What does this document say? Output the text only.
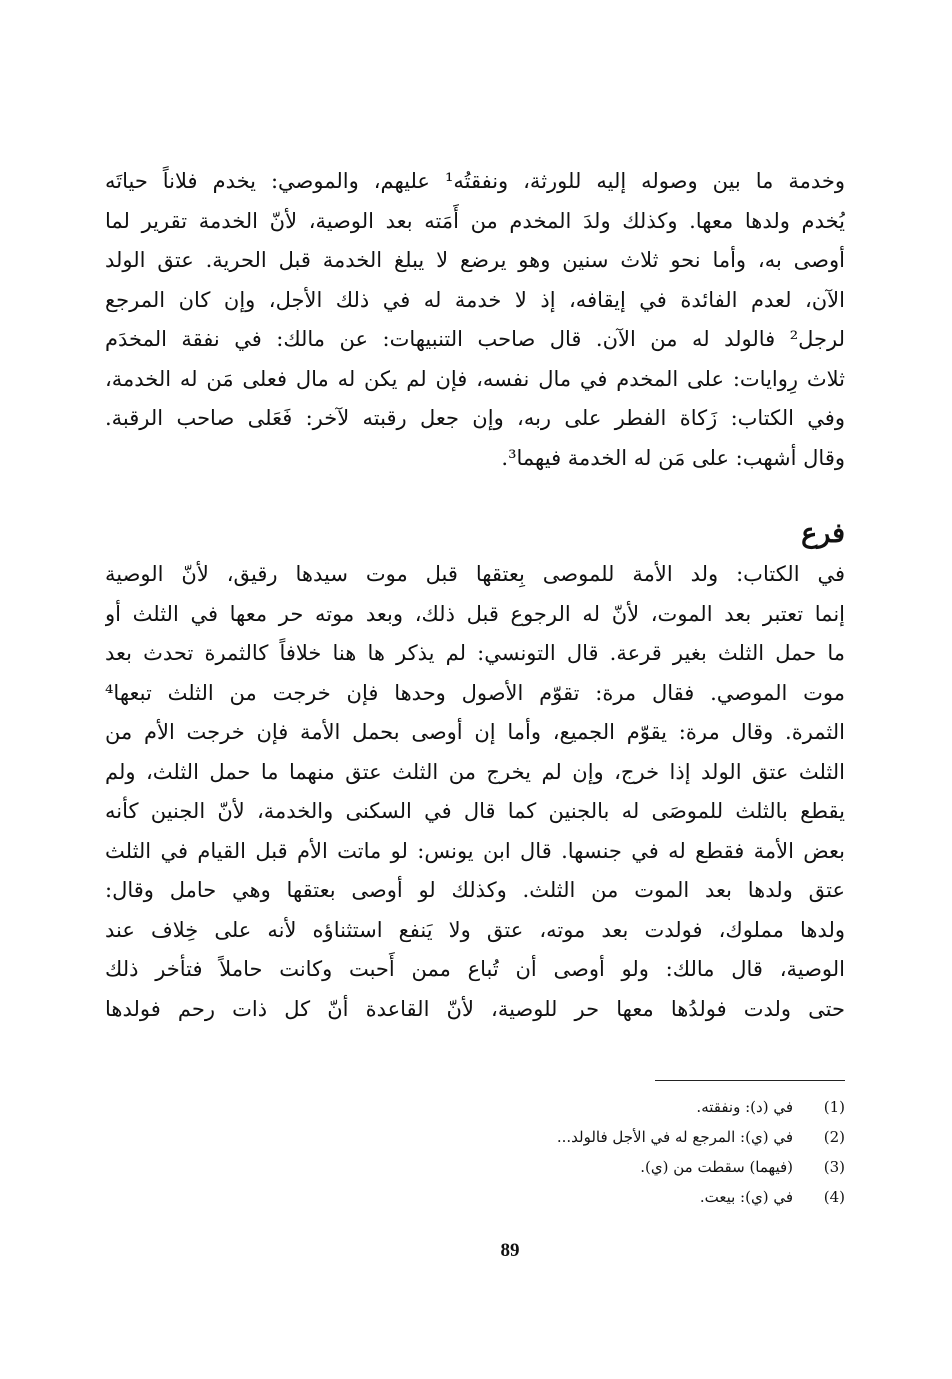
وخدمة ما بين وصوله إليه للورثة، ونفقتُه¹ عليهم، والموصي: يخدم فلاناً حياتَه
يُخدم ولدها معها. وكذلك ولدَ المخدم من أَمَته بعد الوصية، لأنّ الخدمة تقرير لما
أوصى به، وأما نحو ثلاث سنين وهو يرضع لا يبلغ الخدمة قبل الحرية. عتق الولد
الآن، لعدم الفائدة في إيقافه، إذ لا خدمة له في ذلك الأجل، وإن كان المرجع
لرجل² فالولد له من الآن. قال صاحب التنبيهات: عن مالك: في نفقة المخدَم
ثلاث رِوايات: على المخدم في مال نفسه، فإن لم يكن له مال فعلى مَن له الخدمة،
وفي الكتاب: زَكاة الفطر على ربه، وإن جعل رقبته لآخر: فَعَلى صاحب الرقبة.
وقال أشهب: على مَن له الخدمة فيهما³.
فرع
في الكتاب: ولد الأمة للموصى بِعتقها قبل موت سيدها رقيق، لأنّ الوصية
إنما تعتبر بعد الموت، لأنّ له الرجوع قبل ذلك، وبعد موته حر معها في الثلث أو
ما حمل الثلث بغير قرعة. قال التونسي: لم يذكر ها هنا خلافاً كالثمرة تحدث بعد
موت الموصي. فقال مرة: تقوّم الأصول وحدها فإن خرجت من الثلث تبعها⁴
الثمرة. وقال مرة: يقوّم الجميع، وأما إن أوصى بحمل الأمة فإن خرجت الأم من
الثلث عتق الولد إذا خرج، وإن لم يخرج من الثلث عتق منهما ما حمل الثلث، ولم
يقطع بالثلث للموصَى له بالجنين كما قال في السكنى والخدمة، لأنّ الجنين كأنه
بعض الأمة فقطع له في جنسها. قال ابن يونس: لو ماتت الأم قبل القيام في الثلث
عتق ولدها بعد الموت من الثلث. وكذلك لو أوصى بعتقها وهي حامل وقال:
ولدها مملوك، فولدت بعد موته، عتق ولا يَنفع استثناؤه لأنه على خِلاف عند
الوصية، قال مالك: ولو أوصى أن تُباع ممن أَحبت وكانت حاملاً فتأخر ذلك
حتى ولدت فولدُها معها حر للوصية، لأنّ القاعدة أنّ كل ذات رحم فولدها
(1)
في (د): ونفقته.
(2)
في (ي): المرجع له في الأجل فالولد...
(3)
(فيهما) سقطت من (ي).
(4)
في (ي): بيعت.
89
